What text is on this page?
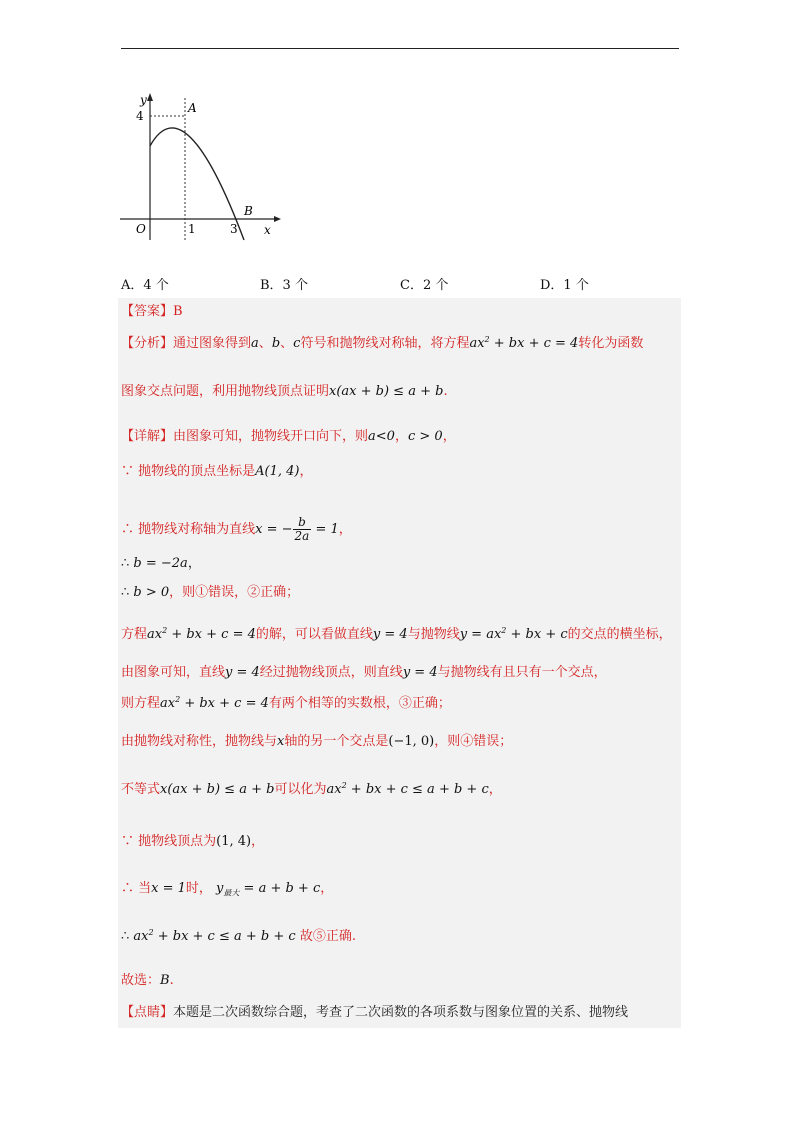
y
x
O
4
1	3
A
B
A．4 个	B．3 个	C．2 个	D．1 个
【答案】B
【分析】通过图象得到a、b、c符号和抛物线对称轴，将方程$ax^2$ + bx + c = 4转化为函数
图象交点问题，利用抛物线顶点证明x(ax + b) ≤ a + b.
【详解】由图象可知，抛物线开口向下，则a<0，c > 0，
∵ 抛物线的顶点坐标是A(1, 4)，
∴ 抛物线对称轴为直线x = − $\frac{b}{2a} = 1$，
∴ b = −2a，
∴ b > 0，则①错误，②正确；
方程$ax^2$ + bx + c = 4的解，可以看做直线y = 4与抛物线$y = ax^2$ + bx + c的交点的横坐标，
由图象可知，直线y = 4经过抛物线顶点，则直线y = 4与抛物线有且只有一个交点，
则方程$ax^2$ + bx + c = 4有两个相等的实数根，③正确；
由抛物线对称性，抛物线与x轴的另一个交点是(−1, 0)，则④错误；
不等式x(ax + b) ≤ a + b可以化为$ax^2$ + bx + c ≤ a + b + c，
∵ 抛物线顶点为(1, 4)，
∴ 当x = 1时， $y_{最大} = a + b + c$，
∴ $ax^2$ + bx + c ≤ a + b + c 故⑤正确.
故选：B.
【点睛】本题是二次函数综合题，考查了二次函数的各项系数与图象位置的关系、抛物线
